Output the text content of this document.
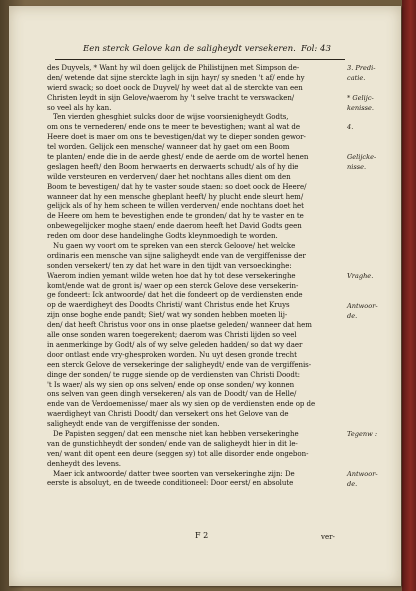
Een sterck Gelove kan de saligheydt versekeren. Fol: 43
des Duyvels, * Want hy wil doen gelijck de Philistijnen met Simpson de-
den/ wetende dat sijne sterckte lagh in sijn hayr/ sy sneden 't af/ ende hy
wierd swack; so doet oock de Duyvel/ hy weet dat al de sterckte van een
Christen leydt in sijn Gelove/waerom hy 't selve tracht te verswacken/
so veel als hy kan.
Ten vierden ghesghiet sulcks door de wijse voorsienigheydt Godts,
om ons te vernederen/ ende ons te meer te bevestighen; want al wat de
Heere doet is maer om ons te bevestigen/dat wy te dieper sonden gewor-
tel worden. Gelijck een mensche/ wanneer dat hy gaet om een Boom
te planten/ ende die in de aerde ghest/ ende de aerde om de wortel henen
geslagen heeft/ den Boom herwaerts en derwaerts schudt/ als of hy die
wilde versteuren en verderven/ daer het nochtans alles dient om den
Boom te bevestigen/ dat hy te vaster soude staen: so doet oock de Heere/
wanneer dat hy een mensche gheplant heeft/ hy plucht ende sleurt hem/
gelijck als of hy hem scheen te willen verderven/ ende nochtans doet het
de Heere om hem te bevestighen ende te gronden/ dat hy te vaster en te
onbewegelijcker moghe staen/ ende daerom heeft het David Godts geen
reden om door dese handelinghe Godts kleynmoedigh te worden.
Nu gaen wy voort om te spreken van een sterck Geloove/ het welcke
ordinaris een mensche van sijne saligheydt ende van de vergiffenisse der
sonden versekert/ ten zy dat het ware in den tijdt van versoeckinghe:
Waerom indien yemant wilde weten hoe dat hy tot dese versekeringhe
komt/ende wat de gront is/ waer op een sterck Gelove dese versekerin-
ge fondeert: Ick antwoorde/ dat het die fondeert op de verdiensten ende
op de waerdigheyt des Doodts Christi/ want Christus ende het Kruys
zijn onse boghe ende pandt; Siet/ wat wy sonden hebben moeten lij-
den/ dat heeft Christus voor ons in onse plaetse geleden/ wanneer dat hem
alle onse sonden waren toegerekent; daerom was Christi lijden so veel
in aenmerkinge by Godt/ als of wy selve geleden hadden/ so dat wy daer
door ontlast ende vry-ghesproken worden. Nu uyt desen gronde trecht
een sterck Gelove de versekeringe der saligheydt/ ende van de vergiffenis-
dinge der sonden/ te rugge siende op de verdiensten van Christi Doodt:
't Is waer/ als wy sien op ons selven/ ende op onse sonden/ wy konnen
ons selven van geen dingh versekeren/ als van de Doodt/ van de Helle/
ende van de Verdoemenisse/ maer als wy sien op de verdiensten ende op de
waerdigheyt van Christi Doodt/ dan versekert ons het Gelove van de
saligheydt ende van de vergiffenisse der sonden.
De Papisten seggen/ dat een mensche niet kan hebben versekeringhe
van de gunstichheydt der sonden/ ende van de saligheydt hier in dit le-
ven/ want dit opent een deure (seggen sy) tot alle disorder ende ongebon-
denheydt des levens.
Maer ick antwoorde/ datter twee soorten van versekeringhe zijn: De
eerste is absoluyt, en de tweede conditioneel: Door eerst/ en absolute
3. Predi-
catie.
* Gelijc-
kenisse.
4.
Gelijcke-
nisse.
Vraghe.
Antwoor-
de.
Tegenw :
Antwoor-
de.
F 2	ver-
